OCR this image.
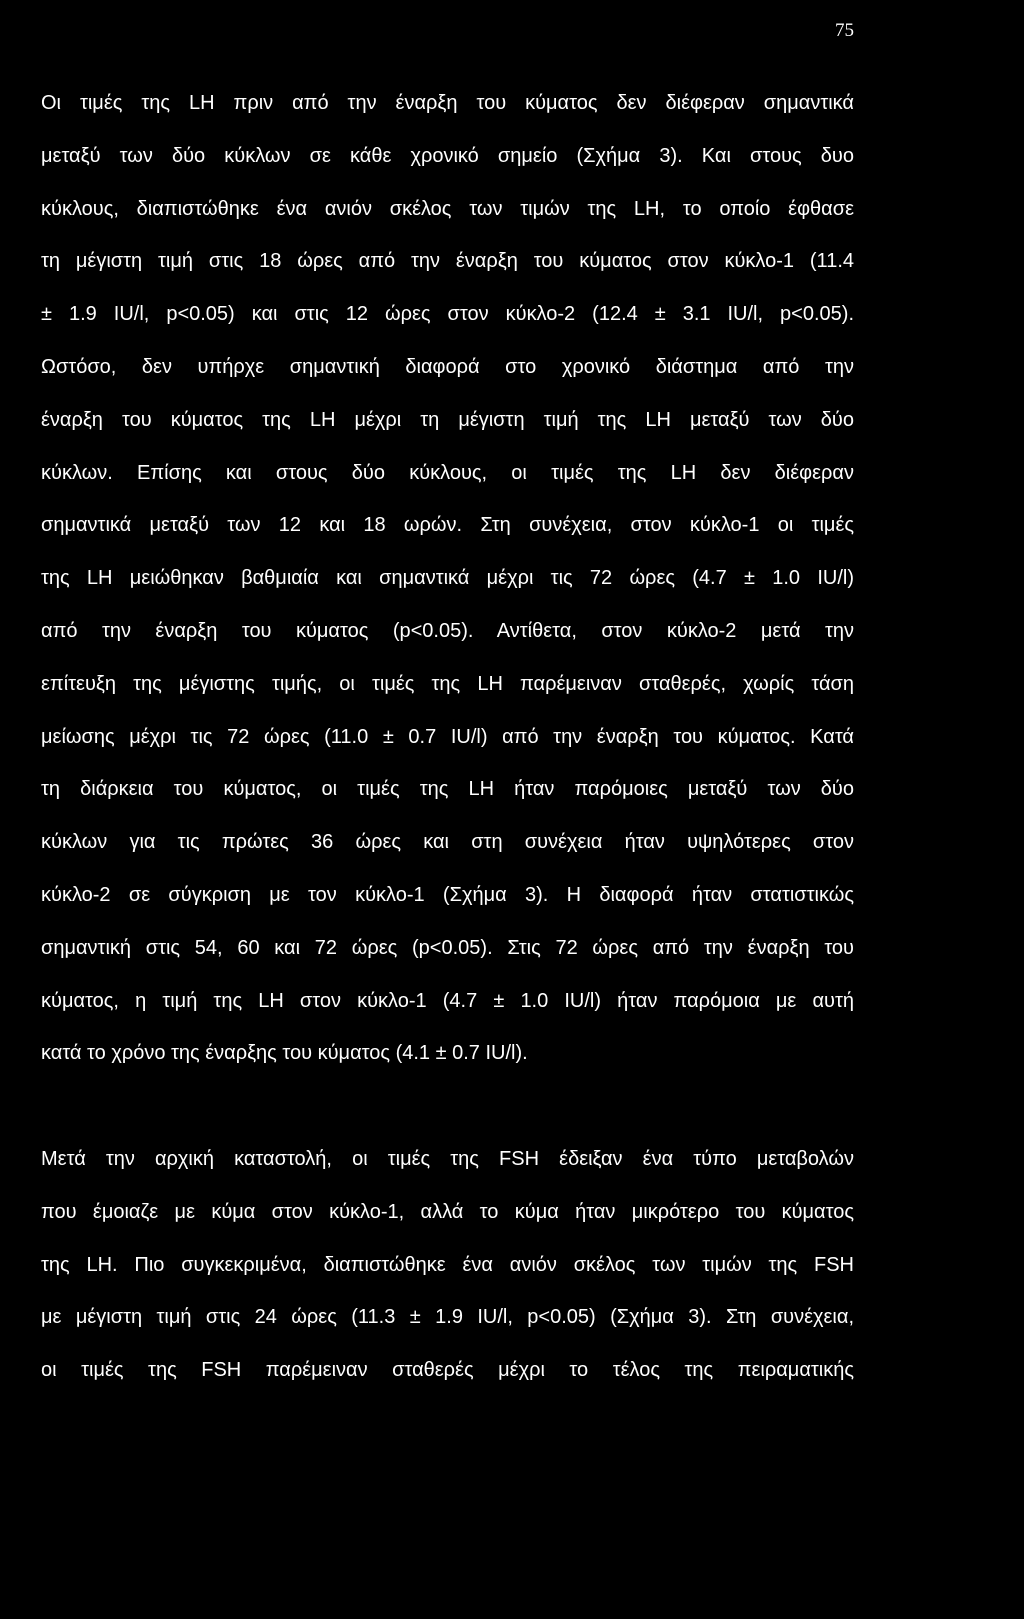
75
Οι τιμές της LH πριν από την έναρξη του κύματος δεν διέφεραν σημαντικά
μεταξύ των δύο κύκλων σε κάθε χρονικό σημείο (Σχήμα 3). Και στους δυο
κύκλους, διαπιστώθηκε ένα ανιόν σκέλος των τιμών της LH, το οποίο έφθασε
τη μέγιστη τιμή στις 18 ώρες από την έναρξη του κύματος στον κύκλο-1 (11.4
± 1.9 IU/l, p<0.05) και στις 12 ώρες στον κύκλο-2 (12.4 ± 3.1 IU/l, p<0.05).
Ωστόσο, δεν υπήρχε σημαντική διαφορά στο χρονικό διάστημα από την
έναρξη του κύματος της LH μέχρι τη μέγιστη τιμή της LH μεταξύ των δύο
κύκλων. Επίσης και στους δύο κύκλους, οι τιμές της LH δεν διέφεραν
σημαντικά μεταξύ των 12 και 18 ωρών. Στη συνέχεια, στον κύκλο-1 οι τιμές
της LH μειώθηκαν βαθμιαία και σημαντικά μέχρι τις 72 ώρες (4.7 ± 1.0 IU/l)
από την έναρξη του κύματος (p<0.05). Αντίθετα, στον κύκλο-2 μετά την
επίτευξη της μέγιστης τιμής, οι τιμές της LH παρέμειναν σταθερές, χωρίς τάση
μείωσης μέχρι τις 72 ώρες (11.0 ± 0.7 IU/l) από την έναρξη του κύματος. Κατά
τη διάρκεια του κύματος, οι τιμές της LH ήταν παρόμοιες μεταξύ των δύο
κύκλων για τις πρώτες 36 ώρες και στη συνέχεια ήταν υψηλότερες στον
κύκλο-2 σε σύγκριση με τον κύκλο-1 (Σχήμα 3). Η διαφορά ήταν στατιστικώς
σημαντική στις 54, 60 και 72 ώρες (p<0.05). Στις 72 ώρες από την έναρξη του
κύματος, η τιμή της LH στον κύκλο-1 (4.7 ± 1.0 IU/l) ήταν παρόμοια με αυτή
κατά το χρόνο της έναρξης του κύματος (4.1 ± 0.7 IU/l).
Μετά την αρχική καταστολή, οι τιμές της FSH έδειξαν ένα τύπο μεταβολών
που έμοιαζε με κύμα στον κύκλο-1, αλλά το κύμα ήταν μικρότερο του κύματος
της LH. Πιο συγκεκριμένα, διαπιστώθηκε ένα ανιόν σκέλος των τιμών της FSH
με μέγιστη τιμή στις 24 ώρες (11.3 ± 1.9 IU/l, p<0.05) (Σχήμα 3). Στη συνέχεια,
οι τιμές της FSH παρέμειναν σταθερές μέχρι το τέλος της πειραματικής
